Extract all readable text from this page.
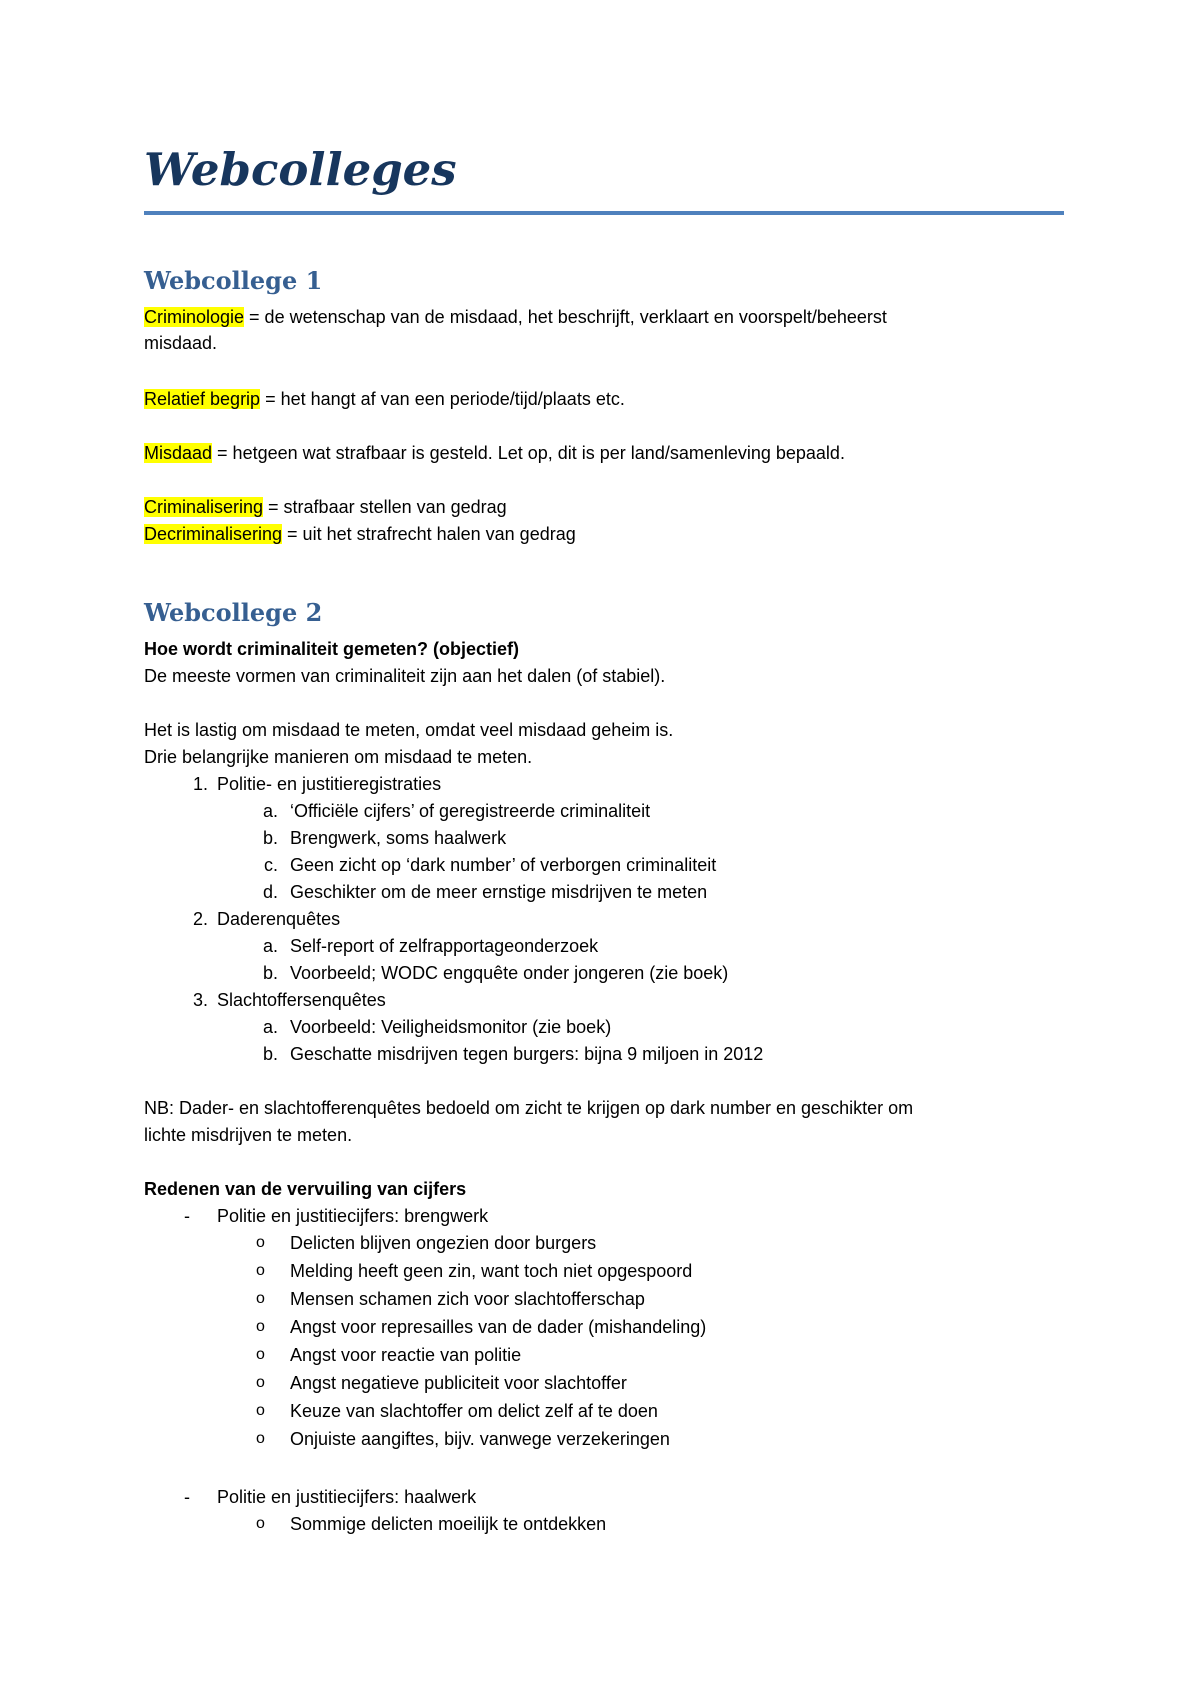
Webcolleges
Webcollege 1

Criminologie = de wetenschap van de misdaad, het beschrijft, verklaart en voorspelt/beheerst

misdaad.

Relatief begrip = het hangt af van een periode/tijd/plaats etc.

Misdaad = hetgeen wat strafbaar is gesteld. Let op, dit is per land/samenleving bepaald.

Criminalisering = strafbaar stellen van gedrag

Decriminalisering = uit het strafrecht halen van gedrag

Webcollege 2

Hoe wordt criminaliteit gemeten? (objectief)

De meeste vormen van criminaliteit zijn aan het dalen (of stabiel).

Het is lastig om misdaad te meten, omdat veel misdaad geheim is.

Drie belangrijke manieren om misdaad te meten.

1. Politie- en justitieregistraties
a. ‘Officiële cijfers’ of geregistreerde criminaliteit
b. Brengwerk, soms haalwerk
c. Geen zicht op ‘dark number’ of verborgen criminaliteit
d. Geschikter om de meer ernstige misdrijven te meten
2. Daderenquêtes
a. Self-report of zelfrapportageonderzoek
b. Voorbeeld; WODC engquête onder jongeren (zie boek)
3. Slachtoffersenquêtes
a. Voorbeeld: Veiligheidsmonitor (zie boek)
b. Geschatte misdrijven tegen burgers: bijna 9 miljoen in 2012

NB: Dader- en slachtofferenquêtes bedoeld om zicht te krijgen op dark number en geschikter om

lichte misdrijven te meten.

Redenen van de vervuiling van cijfers

-	Politie en justitiecijfers: brengwerk
o	Delicten blijven ongezien door burgers
o	Melding heeft geen zin, want toch niet opgespoord
o	Mensen schamen zich voor slachtofferschap
o	Angst voor represailles van de dader (mishandeling)
o	Angst voor reactie van politie
o	Angst negatieve publiciteit voor slachtoffer
o	Keuze van slachtoffer om delict zelf af te doen
o	Onjuiste aangiftes, bijv. vanwege verzekeringen
-	Politie en justitiecijfers: haalwerk
o	Sommige delicten moeilijk te ontdekken
